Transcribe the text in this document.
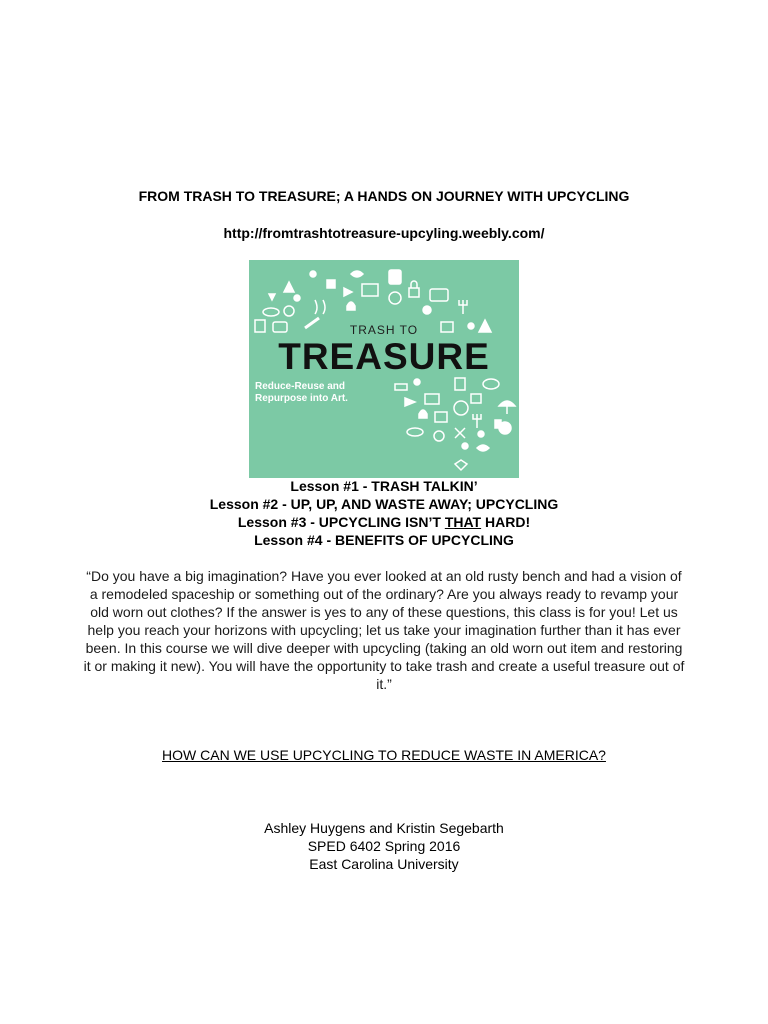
FROM TRASH TO TREASURE; A HANDS ON JOURNEY WITH UPCYCLING
http://fromtrashtotreasure-upcyling.weebly.com/
TRASH TO
TREASURE
Reduce-Reuse and Repurpose into Art.
Lesson #1 - TRASH TALKIN’
Lesson #2 - UP, UP, AND WASTE AWAY; UPCYCLING
Lesson #3 - UPCYCLING ISN’T THAT HARD!
Lesson #4 - BENEFITS OF UPCYCLING
“Do you have a big imagination? Have you ever looked at an old rusty bench and had a vision of a remodeled spaceship or something out of the ordinary? Are you always ready to revamp your old worn out clothes? If the answer is yes to any of these questions, this class is for you! Let us help you reach your horizons with upcycling; let us take your imagination further than it has ever been. In this course we will dive deeper with upcycling (taking an old worn out item and restoring it or making it new). You will have the opportunity to take trash and create a useful treasure out of it.”
HOW CAN WE USE UPCYCLING TO REDUCE WASTE IN AMERICA?
Ashley Huygens and Kristin Segebarth
SPED 6402 Spring 2016
East Carolina University
